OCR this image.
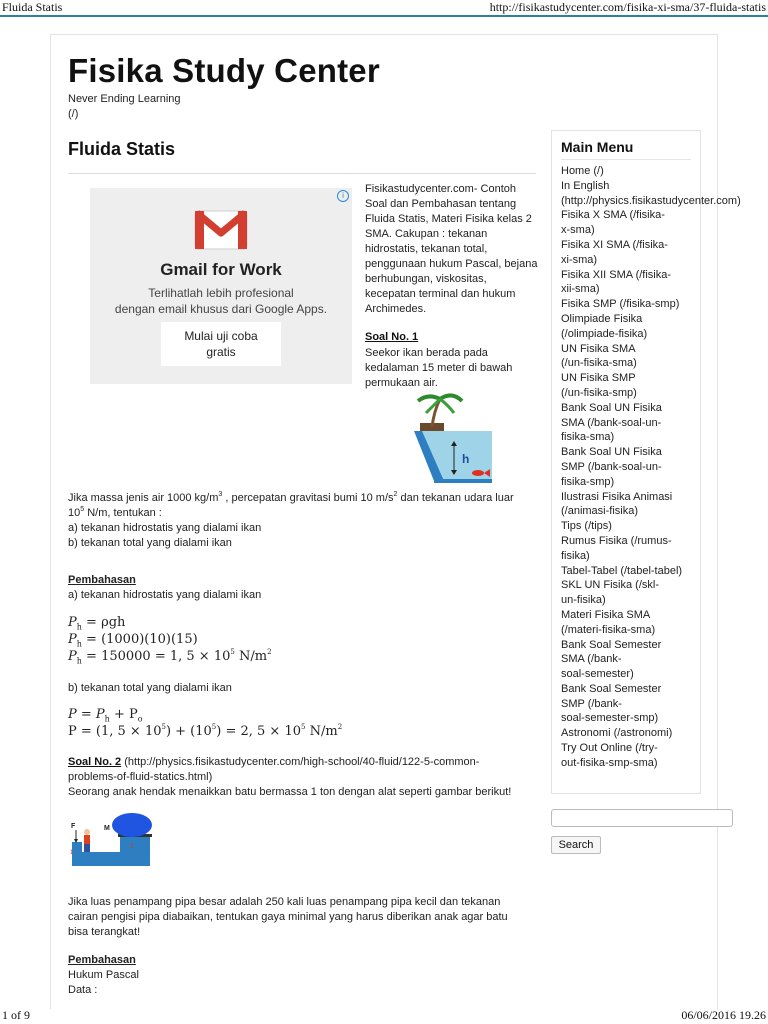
Fluida Statis	http://fisikastudycenter.com/fisika-xi-sma/37-fluida-statis
Fisika Study Center
Never Ending Learning
(/)
Fluida Statis
i
Gmail for Work
Terlihatlah lebih profesional
dengan email khusus dari Google Apps.
Mulai uji coba
gratis
Fisikastudycenter.com- Contoh Soal dan Pembahasan tentang Fluida Statis, Materi Fisika kelas 2 SMA. Cakupan : tekanan hidrostatis, tekanan total, penggunaan hukum Pascal, bejana berhubungan, viskositas, kecepatan terminal dan hukum Archimedes.
Soal No. 1
Seekor ikan berada pada kedalaman 15 meter di bawah permukaan air.
h
Jika massa jenis air 1000 $kg/m^3$ , percepatan gravitasi bumi 10 $m/s^2$ dan tekanan udara luar
$10^5$ N/m, tentukan :
a) tekanan hidrostatis yang dialami ikan
b) tekanan total yang dialami ikan
Pembahasan
a) tekanan hidrostatis yang dialami ikan
$P_h = \rho gh$
$P_h = (1000)(10)(15)$
$P_h = 150000 = 1$, $5 \times 10^5$ $N/m^2$
b) tekanan total yang dialami ikan
$P = P_h + P_o$
P = (1, $5 \times 10^5) + (10^5) = 2$, $5 \times 10^5$ $N/m^2$
Soal No. 2 (http://physics.fisikastudycenter.com/high-school/40-fluid/122-5-common-
problems-of-fluid-statics.html)
Seorang anak hendak menaikkan batu bermassa 1 ton dengan alat seperti gambar berikut!
F	M
1
2
Jika luas penampang pipa besar adalah 250 kali luas penampang pipa kecil dan tekanan
cairan pengisi pipa diabaikan, tentukan gaya minimal yang harus diberikan anak agar batu
bisa terangkat!
Pembahasan
Hukum Pascal
Data :
Main Menu
Home (/)
In English
(http://physics.fisikastudycenter.com)
Fisika X SMA (/fisika-
x-sma)
Fisika XI SMA (/fisika-
xi-sma)
Fisika XII SMA (/fisika-
xii-sma)
Fisika SMP (/fisika-smp)
Olimpiade Fisika
(/olimpiade-fisika)
UN Fisika SMA
(/un-fisika-sma)
UN Fisika SMP
(/un-fisika-smp)
Bank Soal UN Fisika
SMA (/bank-soal-un-
fisika-sma)
Bank Soal UN Fisika
SMP (/bank-soal-un-
fisika-smp)
Ilustrasi Fisika Animasi
(/animasi-fisika)
Tips (/tips)
Rumus Fisika (/rumus-
fisika)
Tabel-Tabel (/tabel-tabel)
SKL UN Fisika (/skl-
un-fisika)
Materi Fisika SMA
(/materi-fisika-sma)
Bank Soal Semester
SMA (/bank-
soal-semester)
Bank Soal Semester
SMP (/bank-
soal-semester-smp)
Astronomi (/astronomi)
Try Out Online (/try-
out-fisika-smp-sma)
Search
1 of 9	06/06/2016 19.26
